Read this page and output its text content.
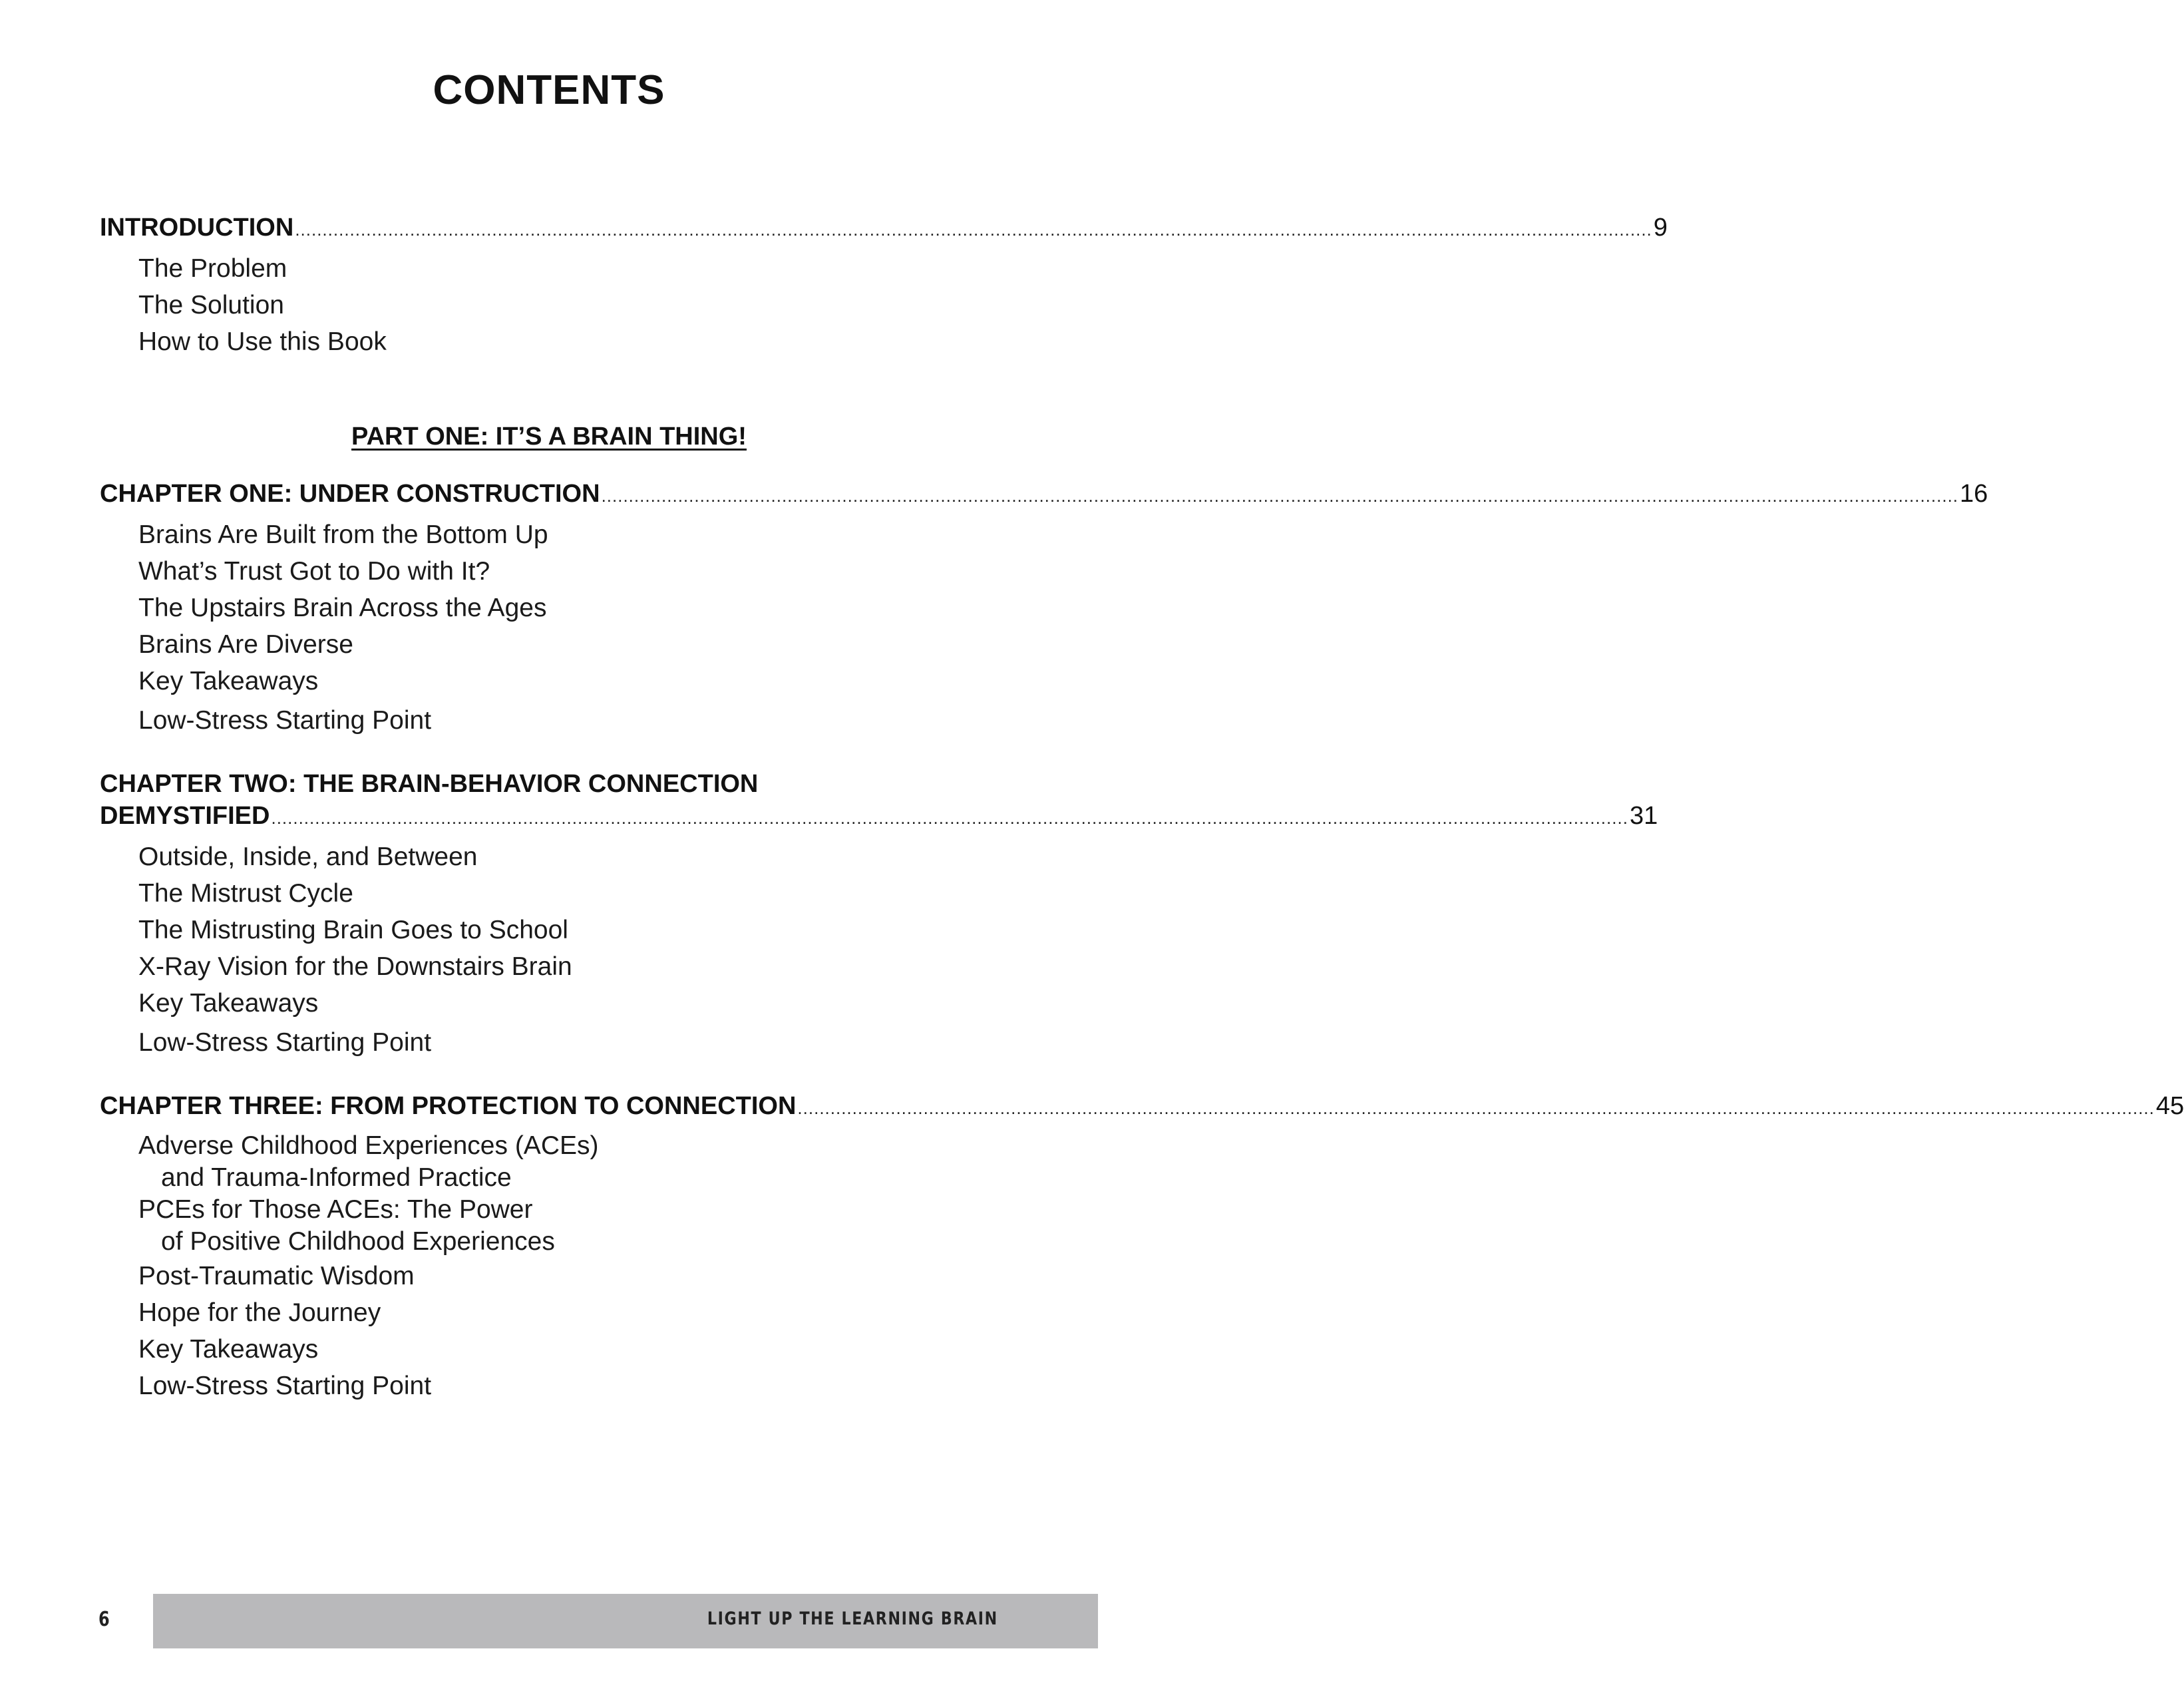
CONTENTS
INTRODUCTION ........................................................................................................................................................................................................................................................ 9
The Problem
The Solution
How to Use this Book
CHAPTER ONE: UNDER CONSTRUCTION ........................................................................................................................................................................................................................................................ 16
Brains Are Built from the Bottom Up
What’s Trust Got to Do with It?
The Upstairs Brain Across the Ages
Brains Are Diverse
Key Takeaways
Low-Stress Starting Point
CHAPTER TWO: THE BRAIN-BEHAVIOR CONNECTION
DEMYSTIFIED ........................................................................................................................................................................................................................................................ 31
Outside, Inside, and Between
The Mistrust Cycle
The Mistrusting Brain Goes to School
X-Ray Vision for the Downstairs Brain
Key Takeaways
Low-Stress Starting Point
CHAPTER THREE: FROM PROTECTION TO CONNECTION ........................................................................................................................................................................................................................................................ 45
Adverse Childhood Experiences (ACEs)
and Trauma-Informed Practice
PCEs for Those ACEs: The Power
of Positive Childhood Experiences
Post-Traumatic Wisdom
Hope for the Journey
Key Takeaways
Low-Stress Starting Point
PART ONE: IT’S A BRAIN THING!
6	LIGHT UP THE LEARNING BRAIN
